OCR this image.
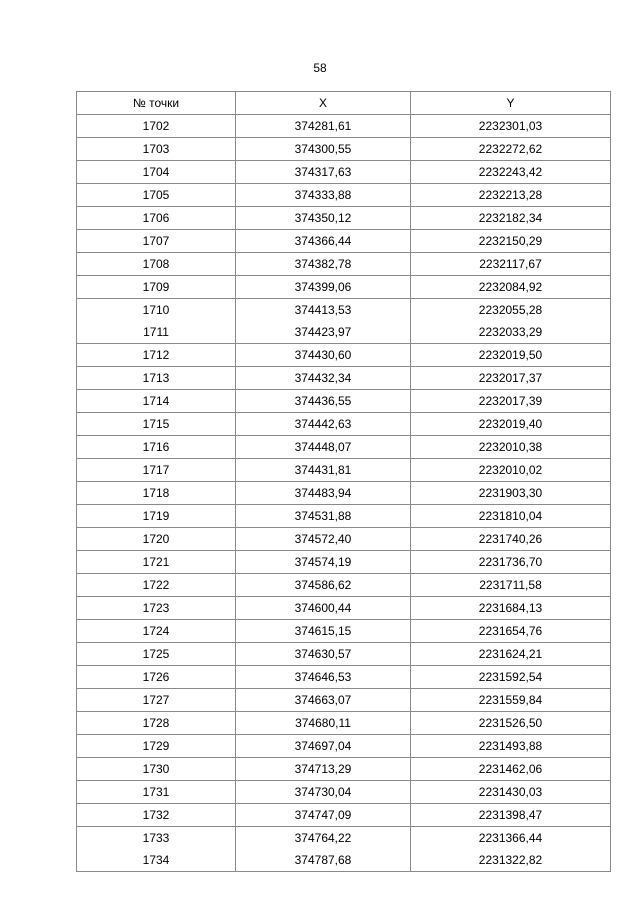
58
№ точки	X	Y
1702	374281,61	2232301,03
1703	374300,55	2232272,62
1704	374317,63	2232243,42
1705	374333,88	2232213,28
1706	374350,12	2232182,34
1707	374366,44	2232150,29
1708	374382,78	2232117,67
1709	374399,06	2232084,92
1710	374413,53	2232055,28
1711	374423,97	2232033,29
1712	374430,60	2232019,50
1713	374432,34	2232017,37
1714	374436,55	2232017,39
1715	374442,63	2232019,40
1716	374448,07	2232010,38
1717	374431,81	2232010,02
1718	374483,94	2231903,30
1719	374531,88	2231810,04
1720	374572,40	2231740,26
1721	374574,19	2231736,70
1722	374586,62	2231711,58
1723	374600,44	2231684,13
1724	374615,15	2231654,76
1725	374630,57	2231624,21
1726	374646,53	2231592,54
1727	374663,07	2231559,84
1728	374680,11	2231526,50
1729	374697,04	2231493,88
1730	374713,29	2231462,06
1731	374730,04	2231430,03
1732	374747,09	2231398,47
1733	374764,22	2231366,44
1734	374787,68	2231322,82
